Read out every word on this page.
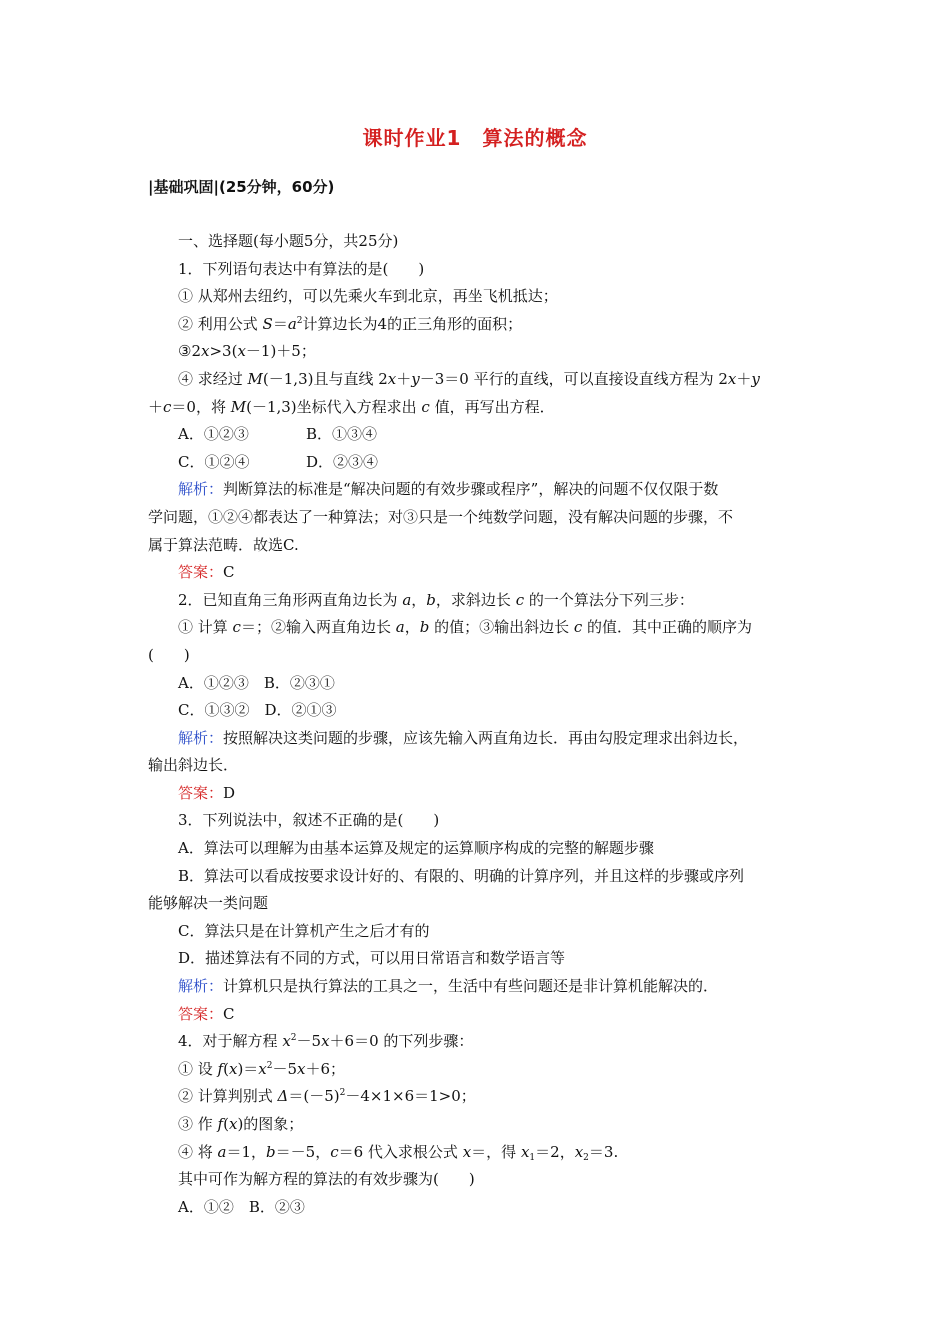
课时作业1　算法的概念
|基础巩固|(25分钟，60分)
一、选择题(每小题5分，共25分)
1．下列语句表达中有算法的是(　　)
① 从郑州去纽约，可以先乘火车到北京，再坐飞机抵达；
② 利用公式 $S=a^2$计算边长为4的正三角形的面积；
③2x>3(x－1)＋5；
④ 求经过 M(－1,3)且与直线 2x＋y－3＝0 平行的直线，可以直接设直线方程为 2x＋y
＋c＝0，将 M(－1,3)坐标代入方程求出 c 值，再写出方程．
A．①②③	B．①③④
C．①②④	D．②③④
解析：判断算法的标准是“解决问题的有效步骤或程序”，解决的问题不仅仅限于数
学问题，①②④都表达了一种算法；对③只是一个纯数学问题，没有解决问题的步骤，不
属于算法范畴．故选C.
答案：C
2．已知直角三角形两直角边长为 a，b，求斜边长 c 的一个算法分下列三步：
① 计算 c＝；②输入两直角边长 a，b 的值；③输出斜边长 c 的值．其中正确的顺序为
(　　)
A．①②③　 B．②③①
C．①③②　 D．②①③
解析：按照解决这类问题的步骤，应该先输入两直角边长．再由勾股定理求出斜边长，
输出斜边长．
答案：D
3．下列说法中，叙述不正确的是(　　)
A．算法可以理解为由基本运算及规定的运算顺序构成的完整的解题步骤
B．算法可以看成按要求设计好的、有限的、明确的计算序列，并且这样的步骤或序列
能够解决一类问题
C．算法只是在计算机产生之后才有的
D．描述算法有不同的方式，可以用日常语言和数学语言等
解析：计算机只是执行算法的工具之一，生活中有些问题还是非计算机能解决的．
答案：C
4．对于解方程 $x^2-5x+6=0$ 的下列步骤：
① 设 $f(x)=x^2-5x+6$；
② 计算判别式 $\Delta=(-5)^2-4\times 1\times 6=1>0$；
③ 作 f(x)的图象；
④ 将 a＝1，b＝－5，c＝6 代入求根公式 x＝，得 $x_1=2$，$x_2=3$.
其中可作为解方程的算法的有效步骤为(　　)
A．①②　 B．②③
